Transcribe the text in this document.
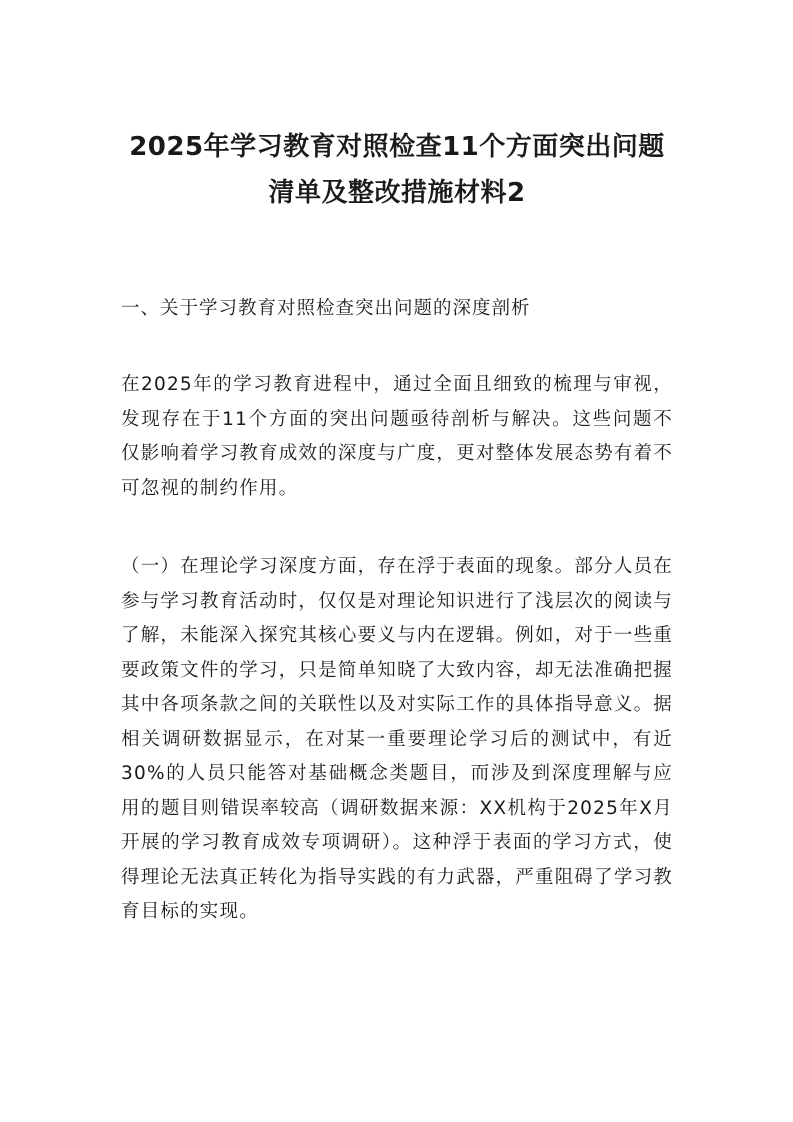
2025年学习教育对照检查11个方面突出问题清单及整改措施材料2
一、关于学习教育对照检查突出问题的深度剖析
在2025年的学习教育进程中，通过全面且细致的梳理与审视，发现存在于11个方面的突出问题亟待剖析与解决。这些问题不仅影响着学习教育成效的深度与广度，更对整体发展态势有着不可忽视的制约作用。
（一）在理论学习深度方面，存在浮于表面的现象。部分人员在参与学习教育活动时，仅仅是对理论知识进行了浅层次的阅读与了解，未能深入探究其核心要义与内在逻辑。例如，对于一些重要政策文件的学习，只是简单知晓了大致内容，却无法准确把握其中各项条款之间的关联性以及对实际工作的具体指导意义。据相关调研数据显示，在对某一重要理论学习后的测试中，有近30%的人员只能答对基础概念类题目，而涉及到深度理解与应用的题目则错误率较高（调研数据来源：XX机构于2025年X月开展的学习教育成效专项调研）。这种浮于表面的学习方式，使得理论无法真正转化为指导实践的有力武器，严重阻碍了学习教育目标的实现。
